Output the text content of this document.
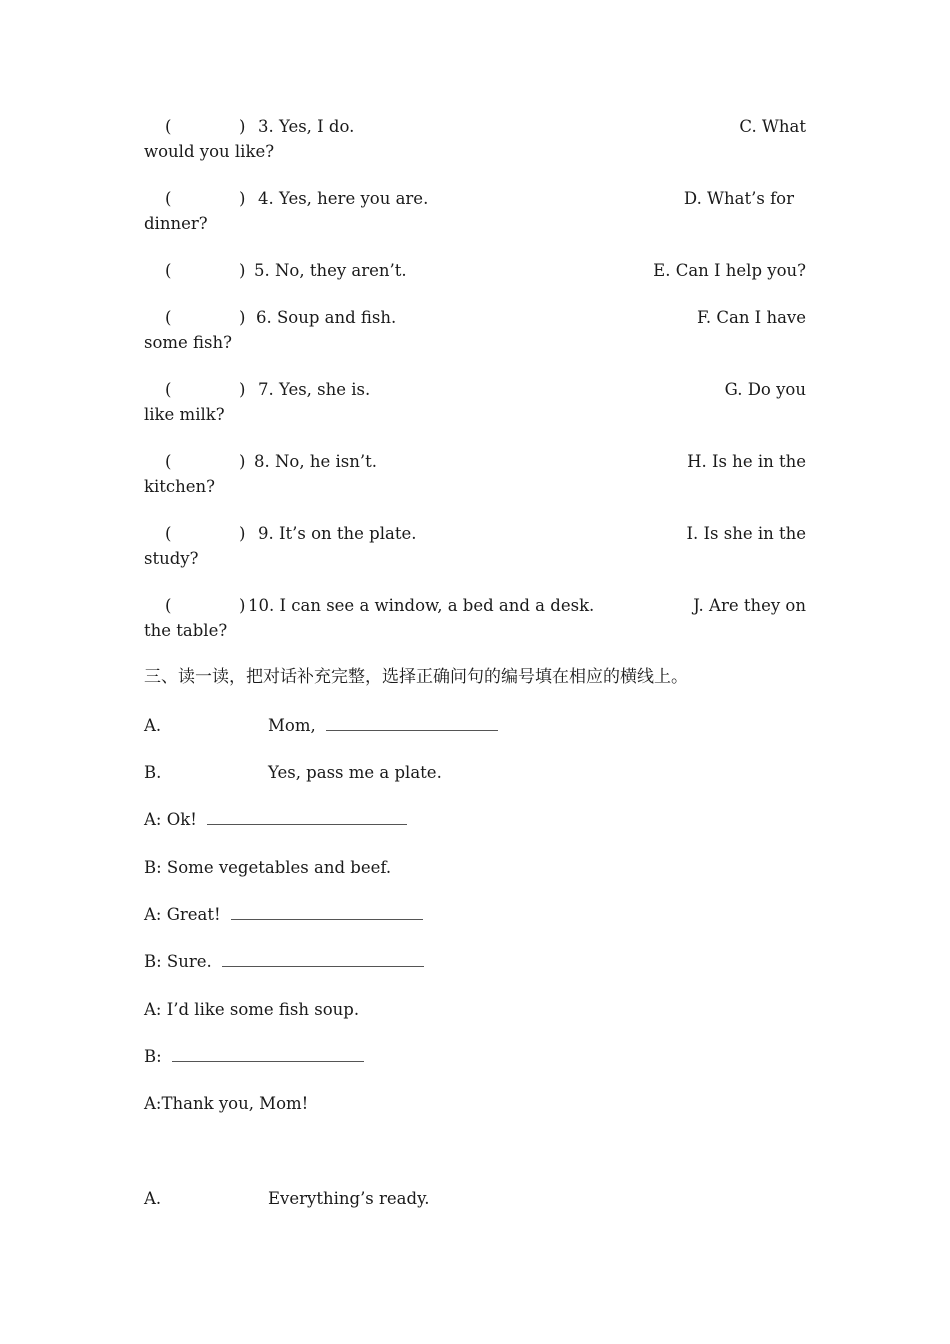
(	) 3. Yes, I do.	C. What
would you like?
(	) 4. Yes, here you are.	D. What’s for
dinner?
(	) 5. No, they aren’t.	E. Can I help you?
(	) 6. Soup and fish.	F. Can I have
some fish?
(	) 7. Yes, she is.	G. Do you
like milk?
(	) 8. No, he isn’t.	H. Is he in the
kitchen?
(	) 9. It’s on the plate.	I. Is she in the
study?
(	) 10. I can see a window, a bed and a desk.	J. Are they on
the table?
三、读一读，把对话补充完整，选择正确问句的编号填在相应的横线上。
A.	Mom,
B.	Yes, pass me a plate.
A: Ok!
B: Some vegetables and beef.
A: Great!
B: Sure.
A: I’d like some fish soup.
B:
A:Thank you, Mom!
A.	Everything’s ready.
